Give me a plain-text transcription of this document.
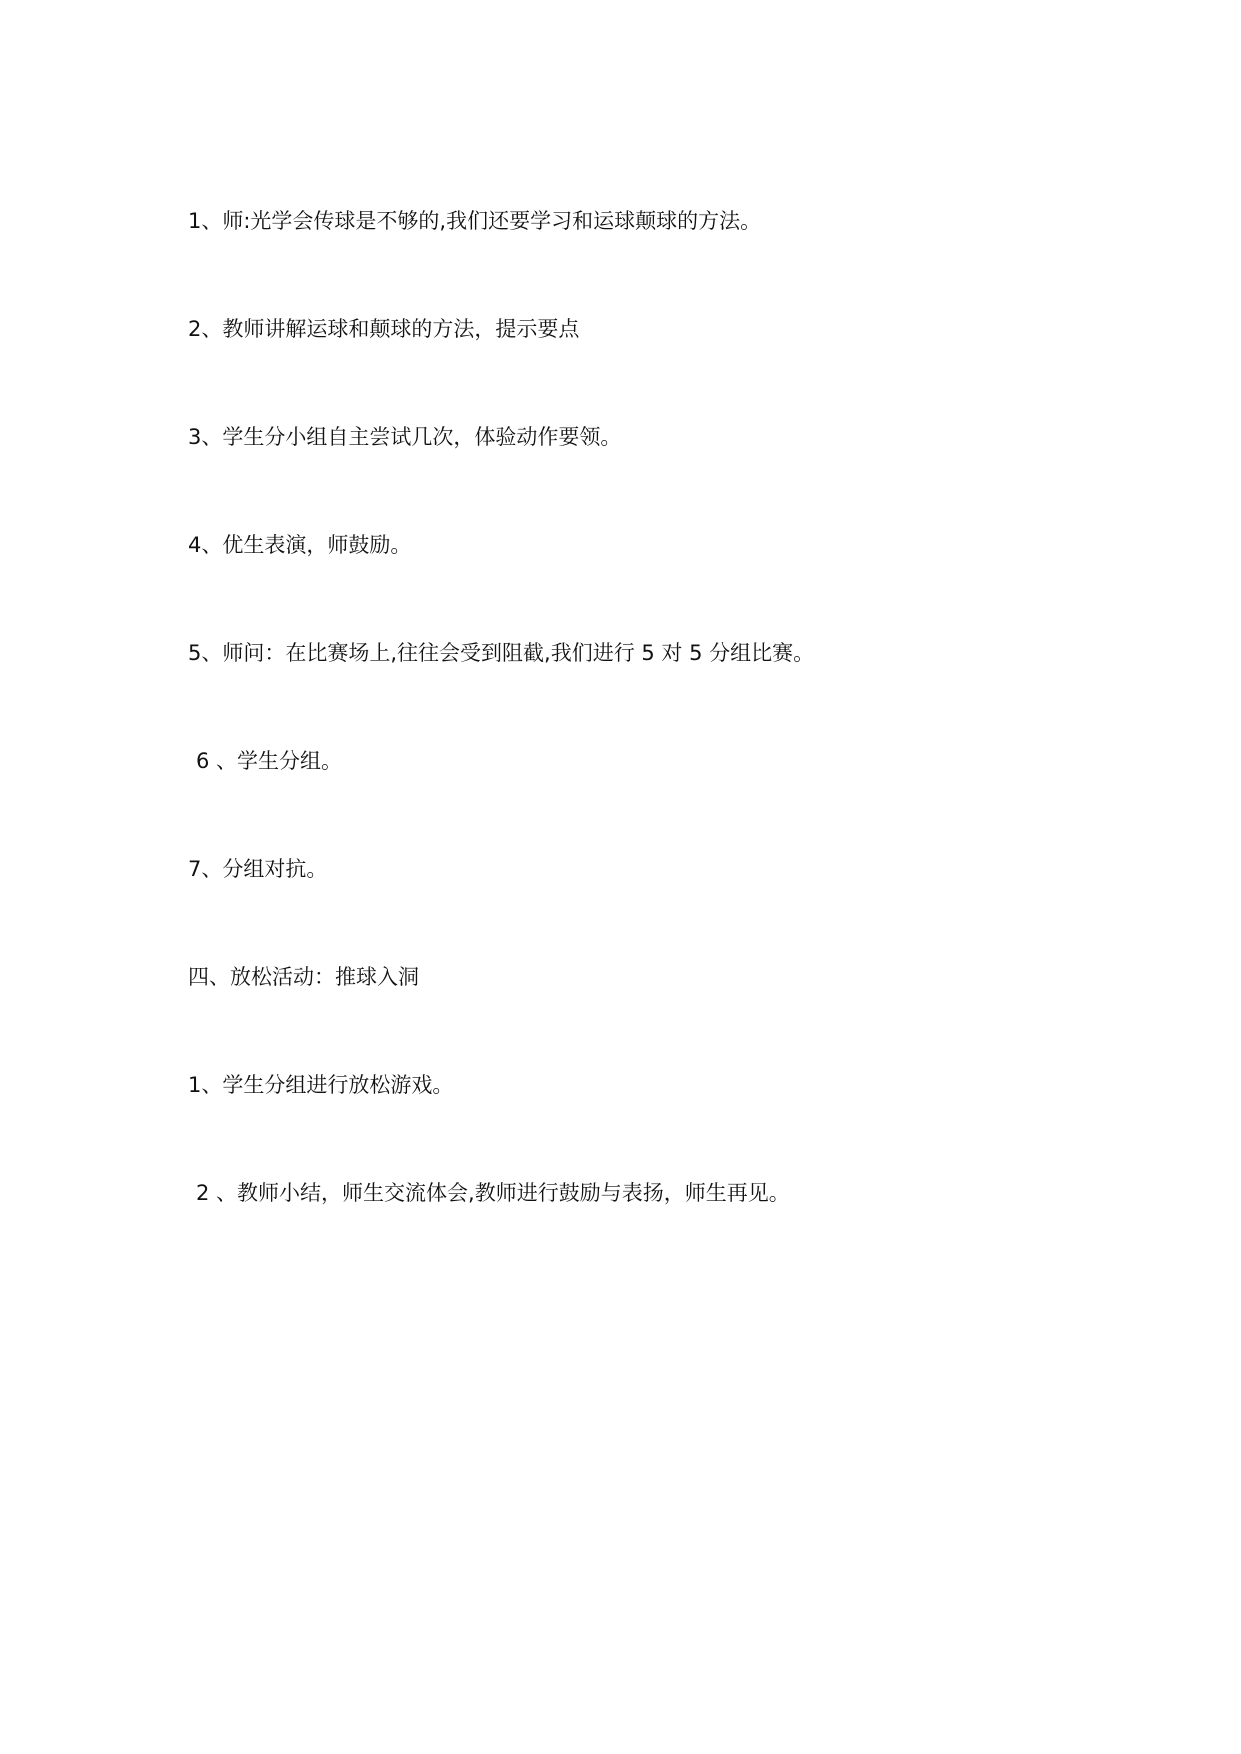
1、师:光学会传球是不够的,我们还要学习和运球颠球的方法。
2、教师讲解运球和颠球的方法，提示要点
3、学生分小组自主尝试几次，体验动作要领。
4、优生表演，师鼓励。
5、师问：在比赛场上,往往会受到阻截,我们进行 5 对 5 分组比赛。
6 、学生分组。
7、分组对抗。
四、放松活动：推球入洞
1、学生分组进行放松游戏。
2 、教师小结，师生交流体会,教师进行鼓励与表扬，师生再见。
